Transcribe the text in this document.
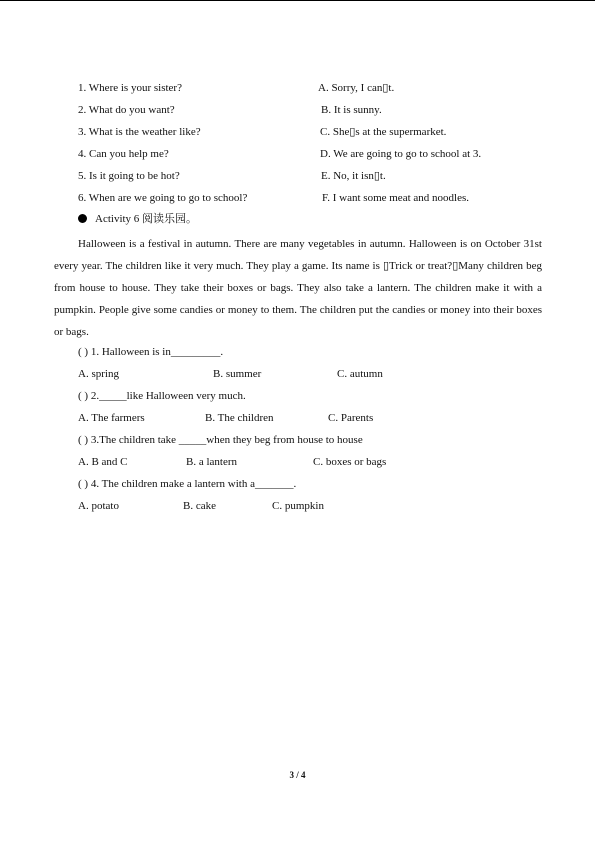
1. Where is your sister?	A. Sorry, I can▯t.
2. What do you want?	B. It is sunny.
3. What is the weather like?	C. She▯s at the supermarket.
4. Can you help me?	D. We are going to go to school at 3.
5. Is it going to be hot?	E. No, it isn▯t.
6. When are we going to go to school?	F. I want some meat and noodles.
Activity 6 阅读乐园。
Halloween is a festival in autumn. There are many vegetables in autumn. Halloween is on October 31st every year. The children like it very much. They play a game. Its name is ▯Trick or treat?▯Many children beg from house to house. They take their boxes or bags. They also take a lantern. The children make it with a pumpkin. People give some candies or money to them. The children put the candies or money into their boxes or bags.
( ) 1. Halloween is in_________.
A. spring	B. summer	C. autumn
( ) 2._____like Halloween very much.
A. The farmers	B. The children	C. Parents
( ) 3.The children take _____when they beg from house to house
A. B and C	B. a lantern	C. boxes or bags
( ) 4. The children make a lantern with a_______.
A. potato	B. cake	C. pumpkin
3 / 4
